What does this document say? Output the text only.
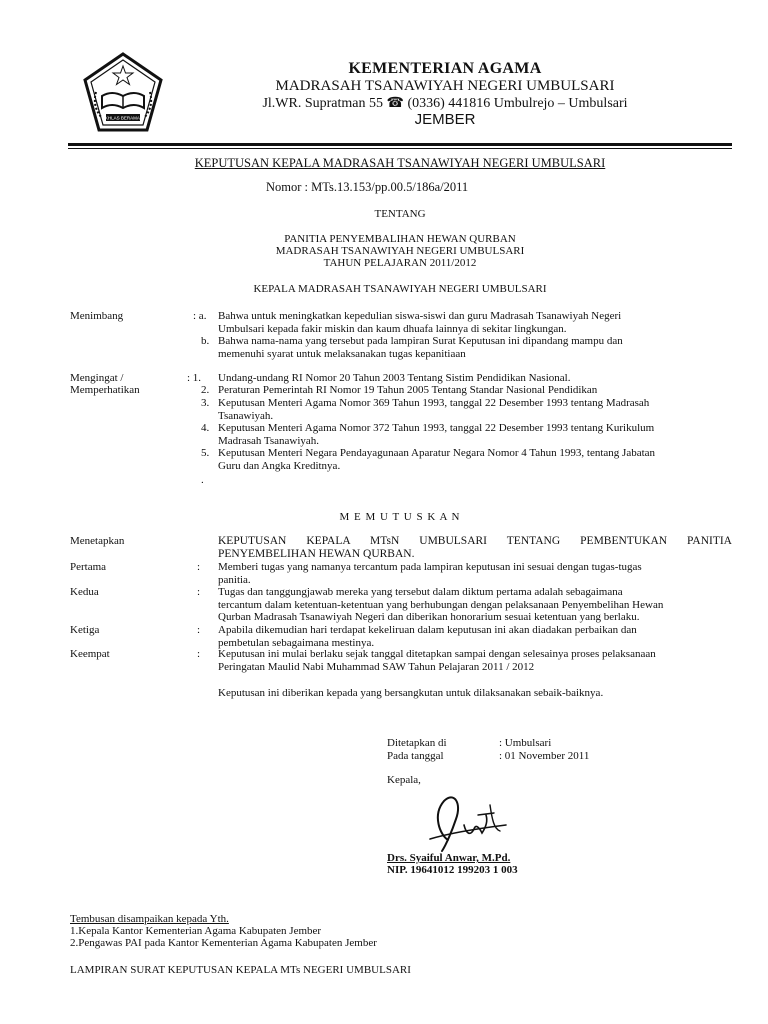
IKHLAS BERAMAL
KEMENTERIAN AGAMA
MADRASAH TSANAWIYAH NEGERI UMBULSARI
Jl.WR. Supratman 55 ☎ (0336) 441816 Umbulrejo – Umbulsari
JEMBER
KEPUTUSAN KEPALA MADRASAH TSANAWIYAH NEGERI UMBULSARI
Nomor : MTs.13.153/pp.00.5/186a/2011
TENTANG
PANITIA PENYEMBALIHAN HEWAN QURBAN
MADRASAH TSANAWIYAH NEGERI UMBULSARI
TAHUN PELAJARAN 2011/2012
KEPALA MADRASAH TSANAWIYAH NEGERI UMBULSARI
Menimbang	: a. Bahwa untuk meningkatkan kepedulian siswa-siswi dan guru Madrasah Tsanawiyah Negeri
Umbulsari kepada fakir miskin dan kaum dhuafa lainnya di sekitar lingkungan.
b. Bahwa nama-nama yang tersebut pada lampiran Surat Keputusan ini dipandang mampu dan
memenuhi syarat untuk melaksanakan tugas kepanitiaan
Mengingat /
Memperhatikan
: 1. Undang-undang RI Nomor 20 Tahun 2003 Tentang Sistim Pendidikan Nasional.
2. Peraturan Pemerintah RI Nomor 19 Tahun 2005 Tentang Standar Nasional Pendidikan
3. Keputusan Menteri Agama Nomor 369 Tahun 1993, tanggal 22 Desember 1993 tentang Madrasah
Tsanawiyah.
4. Keputusan Menteri Agama Nomor 372 Tahun 1993, tanggal 22 Desember 1993 tentang Kurikulum
Madrasah Tsanawiyah.
5. Keputusan Menteri Negara Pendayagunaan Aparatur Negara Nomor 4 Tahun 1993, tentang Jabatan
Guru dan Angka Kreditnya.
.
M E M U T U S K A N
Menetapkan	KEPUTUSAN KEPALA MTsN UMBULSARI TENTANG PEMBENTUKAN PANITIA
PENYEMBELIHAN HEWAN QURBAN.
Pertama	: Memberi tugas yang namanya tercantum pada lampiran keputusan ini sesuai dengan tugas-tugas
panitia.
Kedua	: Tugas dan tanggungjawab mereka yang tersebut dalam diktum pertama adalah sebagaimana
tercantum dalam ketentuan-ketentuan yang berhubungan dengan pelaksanaan Penyembelihan Hewan
Qurban Madrasah Tsanawiyah Negeri dan diberikan honorarium sesuai ketentuan yang berlaku.
Ketiga	: Apabila dikemudian hari terdapat kekeliruan dalam keputusan ini akan diadakan perbaikan dan
pembetulan sebagaimana mestinya.
Keempat	: Keputusan ini mulai berlaku sejak tanggal ditetapkan sampai dengan selesainya proses pelaksanaan
Peringatan Maulid Nabi Muhammad SAW Tahun Pelajaran 2011 / 2012
Keputusan ini diberikan kepada yang bersangkutan untuk dilaksanakan sebaik-baiknya.
Ditetapkan di	: Umbulsari
Pada tanggal	: 01 November 2011
Kepala,
Drs. Syaiful Anwar, M.Pd.
NIP. 19641012 199203 1 003
Tembusan disampaikan kepada Yth.
1.Kepala Kantor Kementerian Agama Kabupaten Jember
2.Pengawas PAI pada Kantor Kementerian Agama Kabupaten Jember
LAMPIRAN SURAT KEPUTUSAN KEPALA MTs NEGERI UMBULSARI
